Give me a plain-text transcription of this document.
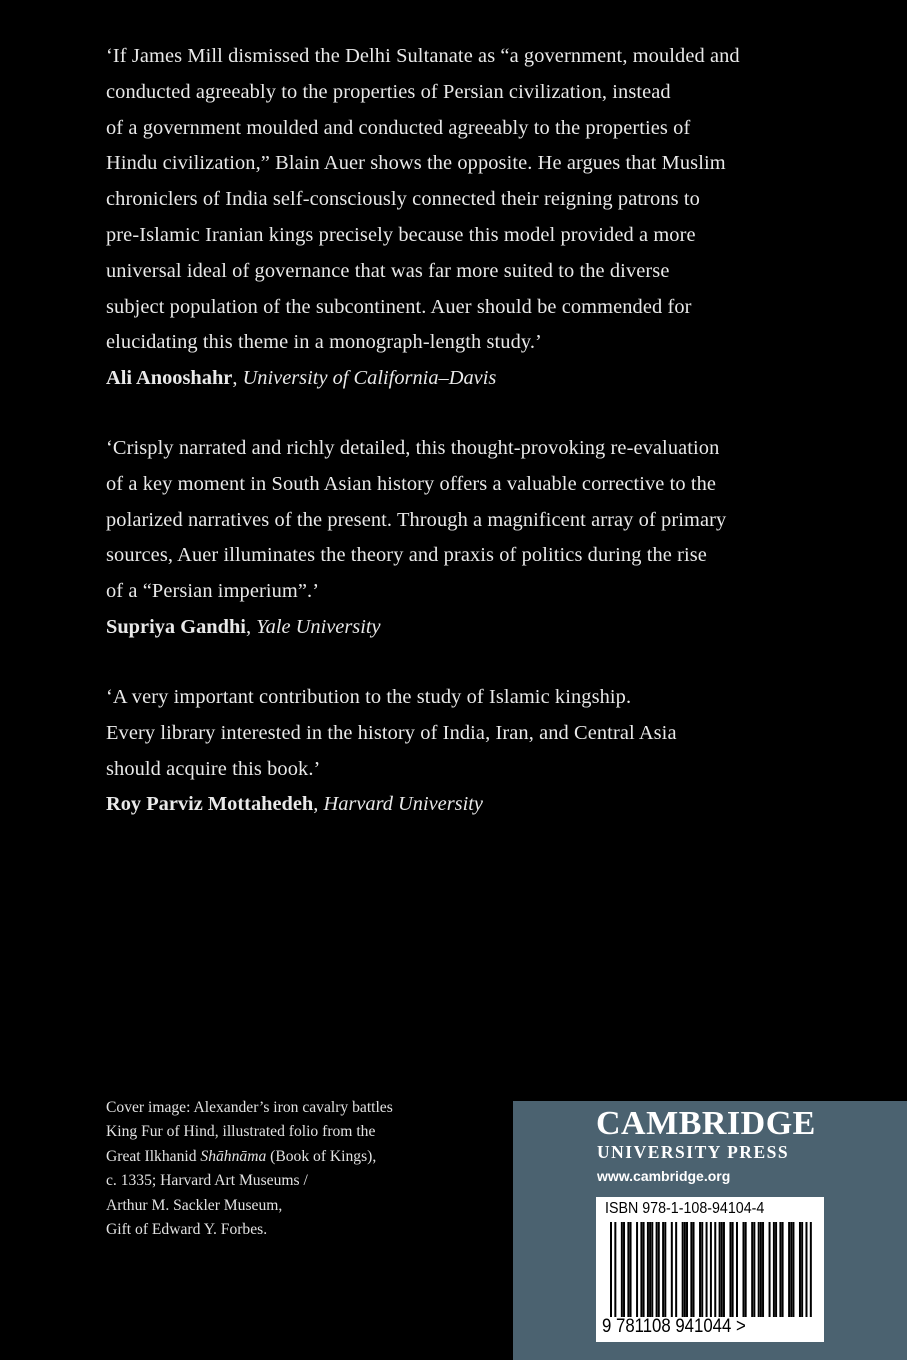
‘If James Mill dismissed the Delhi Sultanate as “a government, moulded and
conducted agreeably to the properties of Persian civilization, instead
of a government moulded and conducted agreeably to the properties of
Hindu civilization,” Blain Auer shows the opposite. He argues that Muslim
chroniclers of India self-consciously connected their reigning patrons to
pre-Islamic Iranian kings precisely because this model provided a more
universal ideal of governance that was far more suited to the diverse
subject population of the subcontinent. Auer should be commended for
elucidating this theme in a monograph-length study.’
Ali Anooshahr, University of California–Davis
‘Crisply narrated and richly detailed, this thought-provoking re-evaluation
of a key moment in South Asian history offers a valuable corrective to the
polarized narratives of the present. Through a magnificent array of primary
sources, Auer illuminates the theory and praxis of politics during the rise
of a “Persian imperium”.’
Supriya Gandhi, Yale University
‘A very important contribution to the study of Islamic kingship.
Every library interested in the history of India, Iran, and Central Asia
should acquire this book.’
Roy Parviz Mottahedeh, Harvard University
Cover image: Alexander’s iron cavalry battles
King Fur of Hind, illustrated folio from the
Great Ilkhanid Shāhnāma (Book of Kings),
c. 1335; Harvard Art Museums /
Arthur M. Sackler Museum,
Gift of Edward Y. Forbes.
CAMBRIDGE
UNIVERSITY PRESS
www.cambridge.org
ISBN 978-1-108-94104-4
9 781108 941044 >
